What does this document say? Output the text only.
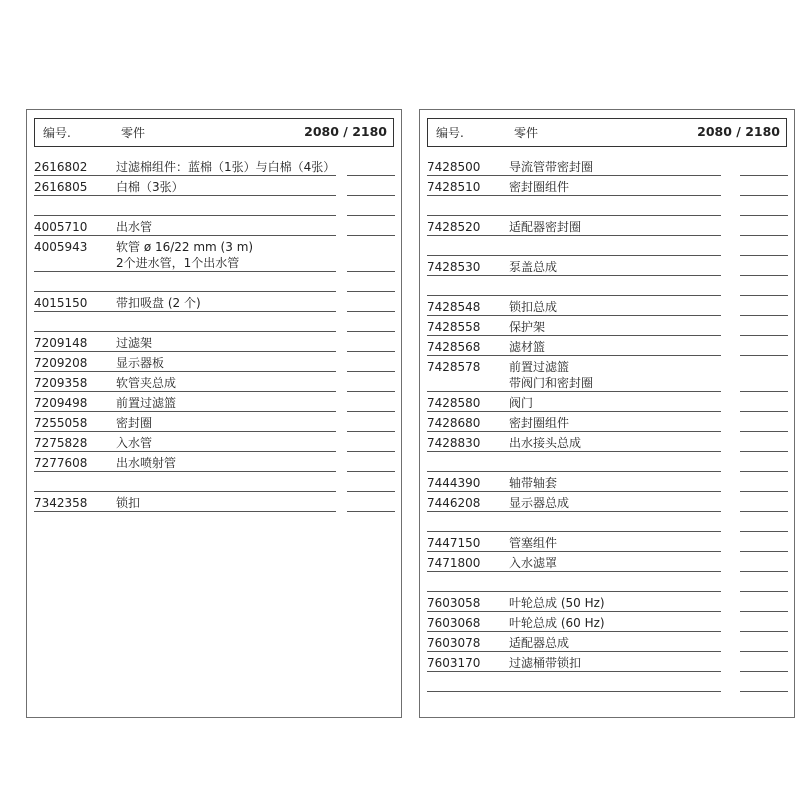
编号.	零件	2080 / 2180
2616802 过滤棉组件：蓝棉（1张）与白棉（4张）
2616805 白棉（3张）
4005710 出水管
4005943 软管 ø 16/22 mm (3 m)
2个进水管，1个出水管
4015150 带扣吸盘 (2 个)
7209148 过滤架
7209208 显示器板
7209358 软管夹总成
7209498 前置过滤篮
7255058 密封圈
7275828 入水管
7277608 出水喷射管
7342358 锁扣
编号.	零件	2080 / 2180
7428500 导流管带密封圈
7428510 密封圈组件
7428520 适配器密封圈
7428530 泵盖总成
7428548 锁扣总成
7428558 保护架
7428568 滤材篮
7428578 前置过滤篮
带阀门和密封圈
7428580 阀门
7428680 密封圈组件
7428830 出水接头总成
7444390 轴带轴套
7446208 显示器总成
7447150 管塞组件
7471800 入水滤罩
7603058 叶轮总成 (50 Hz)
7603068 叶轮总成 (60 Hz)
7603078 适配器总成
7603170 过滤桶带锁扣
